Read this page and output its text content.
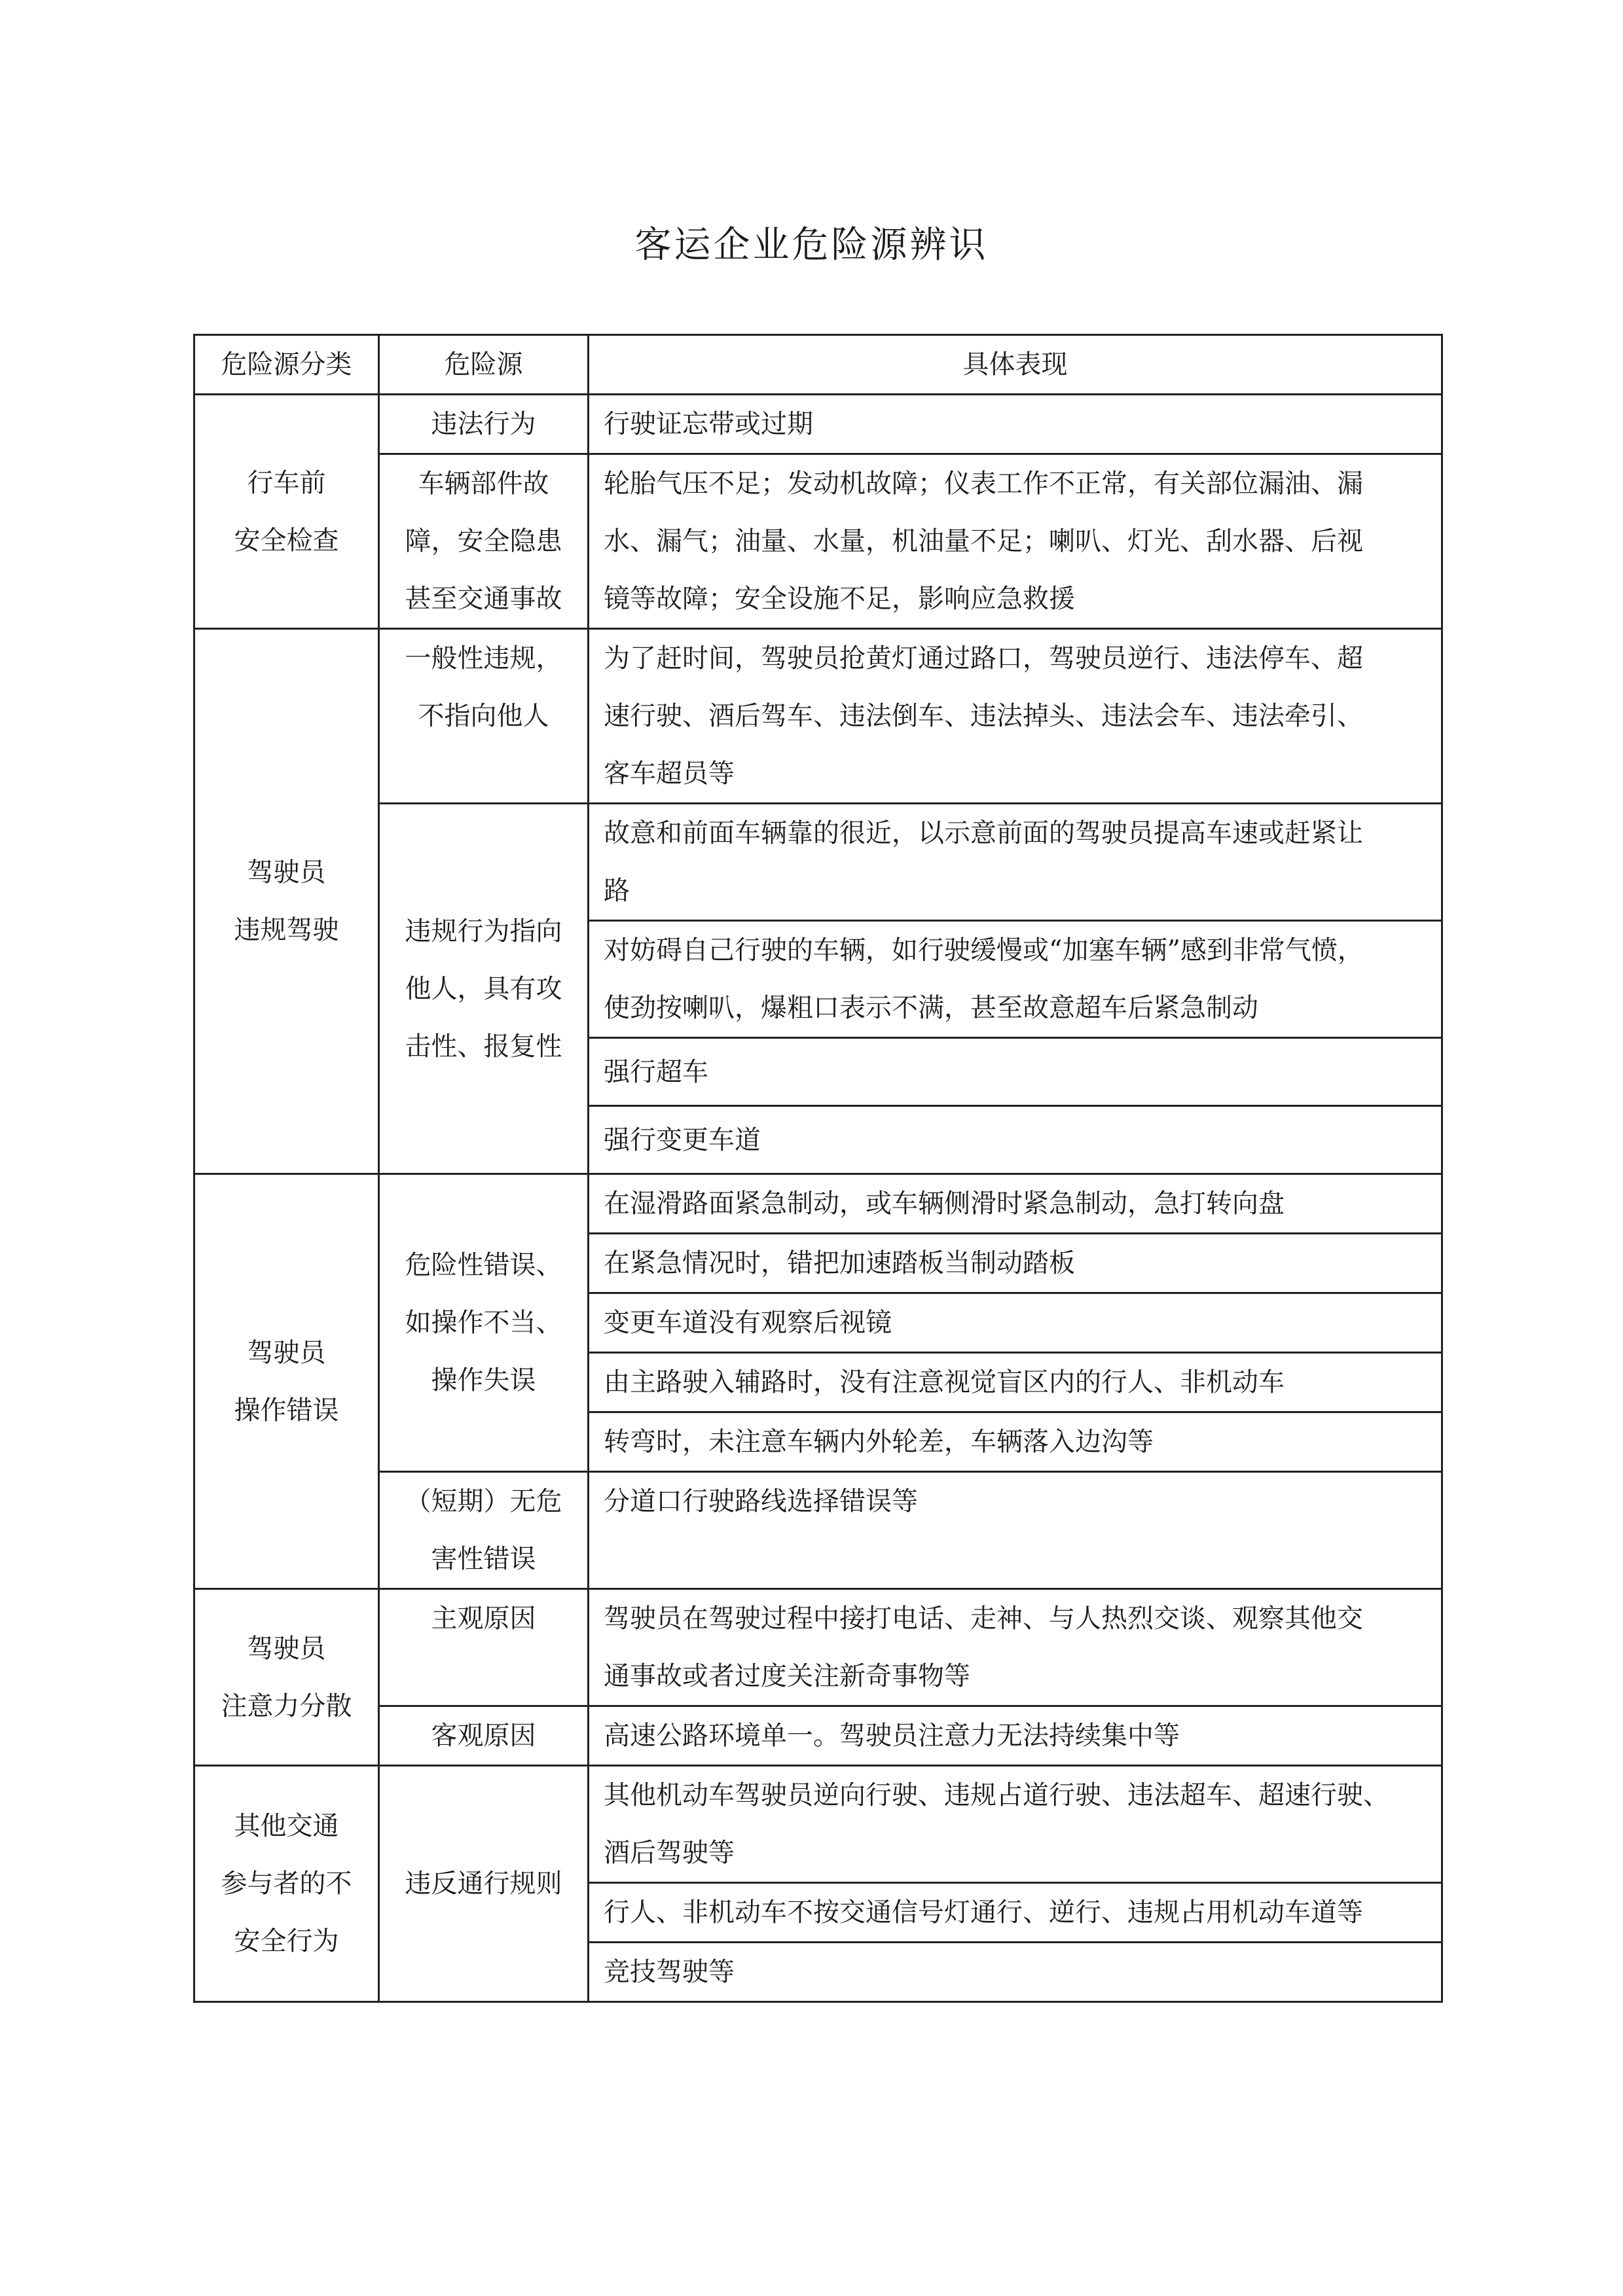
客运企业危险源辨识
危险源分类	危险源	具体表现

行车前
安全检查	违法行为	行驶证忘带或过期

	车辆部件故
障，安全隐患
甚至交通事故	轮胎气压不足；发动机故障；仪表工作不正常，有关部位漏油、漏
水、漏气；油量、水量，机油量不足；喇叭、灯光、刮水器、后视
镜等故障；安全设施不足，影响应急救援

驾驶员
违规驾驶	一般性违规，
不指向他人	为了赶时间，驾驶员抢黄灯通过路口，驾驶员逆行、违法停车、超
速行驶、酒后驾车、违法倒车、违法掉头、违法会车、违法牵引、
客车超员等

	违规行为指向
他人，具有攻
击性、报复性	故意和前面车辆靠的很近，以示意前面的驾驶员提高车速或赶紧让
路

		对妨碍自己行驶的车辆，如行驶缓慢或“加塞车辆”感到非常气愤，
使劲按喇叭，爆粗口表示不满，甚至故意超车后紧急制动

		强行超车

		强行变更车道

驾驶员
操作错误	危险性错误、
如操作不当、
操作失误	在湿滑路面紧急制动，或车辆侧滑时紧急制动，急打转向盘

		在紧急情况时，错把加速踏板当制动踏板

		变更车道没有观察后视镜

		由主路驶入辅路时，没有注意视觉盲区内的行人、非机动车

		转弯时，未注意车辆内外轮差，车辆落入边沟等

	（短期）无危
害性错误	分道口行驶路线选择错误等

驾驶员
注意力分散	主观原因	驾驶员在驾驶过程中接打电话、走神、与人热烈交谈、观察其他交
通事故或者过度关注新奇事物等

	客观原因	高速公路环境单一。驾驶员注意力无法持续集中等

其他交通
参与者的不
安全行为	违反通行规则	其他机动车驾驶员逆向行驶、违规占道行驶、违法超车、超速行驶、
酒后驾驶等

		行人、非机动车不按交通信号灯通行、逆行、违规占用机动车道等

		竞技驾驶等
